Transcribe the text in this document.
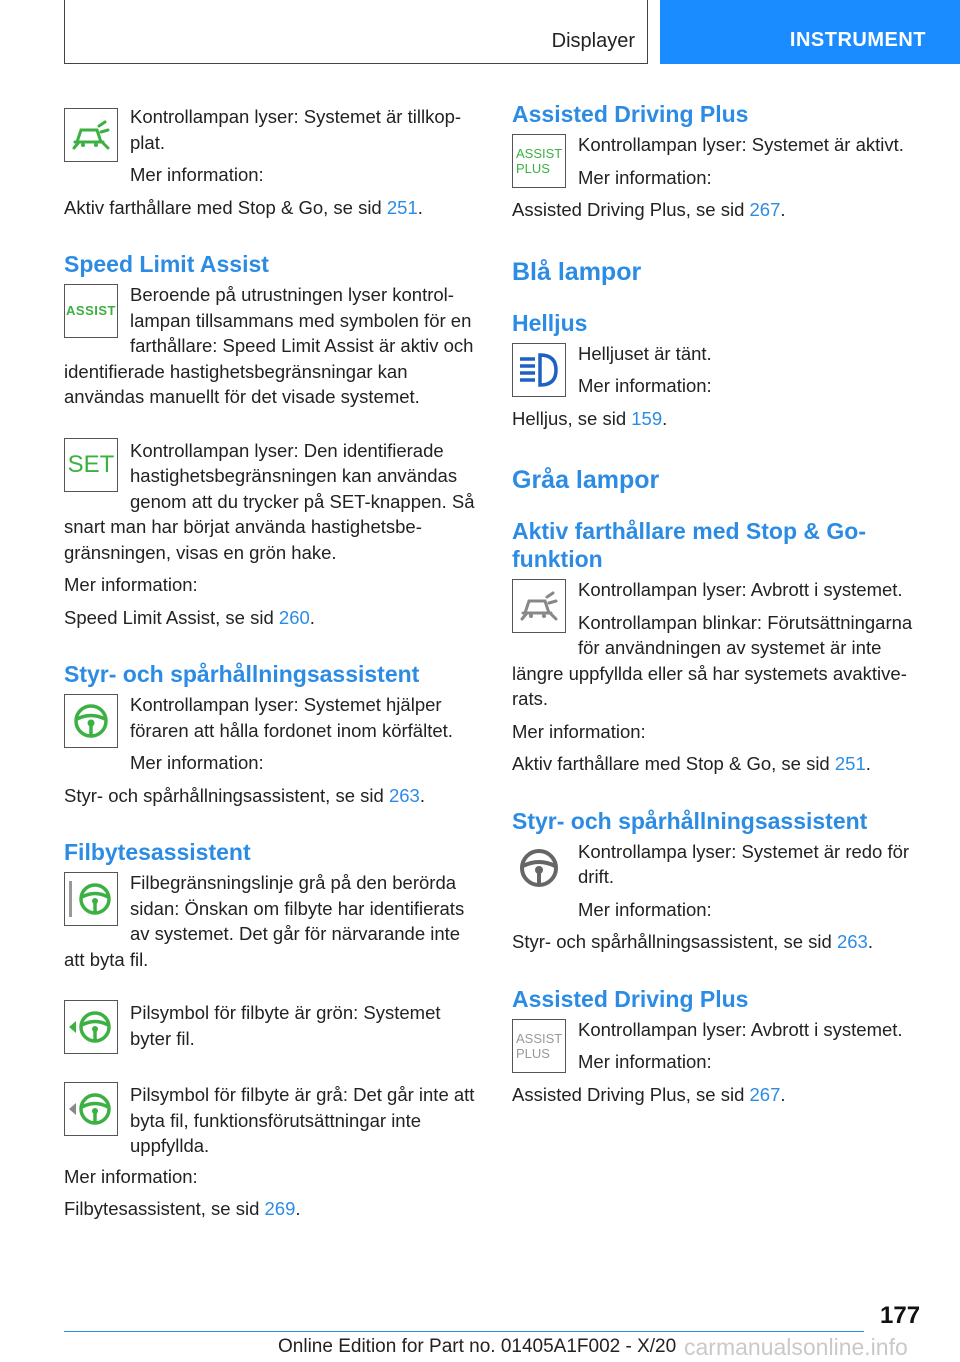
Displayer	INSTRUMENT

Kontrollampan lyser: Systemet är tillkop‐plat.

Mer information:

Aktiv farthållare med Stop & Go, se sid 251.

Speed Limit Assist
ASSIST

Beroende på utrustningen lyser kontrol‐lampan tillsammans med symbolen för en farthållare: Speed Limit Assist är aktiv och identifierade hastighetsbegränsningar kan användas manuellt för det visade systemet.

SET

Kontrollampan lyser: Den identifierade hastighetsbegränsningen kan användas genom att du trycker på SET-knappen. Så snart man har börjat använda hastighetsbe‐gränsningen, visas en grön hake.

Mer information:

Speed Limit Assist, se sid 260.

Styr- och spårhållningsassistent

Kontrollampan lyser: Systemet hjälper föraren att hålla fordonet inom körfältet.

Mer information:

Styr- och spårhållningsassistent, se sid 263.

Filbytesassistent

Filbegränsningslinje grå på den berörda sidan: Önskan om filbyte har identifierats av systemet. Det går för närvarande inte att byta fil.

Pilsymbol för filbyte är grön: Systemet byter fil.

Pilsymbol för filbyte är grå: Det går inte att byta fil, funktionsförutsättningar inte uppfyllda.

Mer information:

Filbytesassistent, se sid 269.

Assisted Driving Plus
ASSIST
PLUS

Kontrollampan lyser: Systemet är aktivt.

Mer information:

Assisted Driving Plus, se sid 267.

Blå lampor
Helljus

Helljuset är tänt.

Mer information:

Helljus, se sid 159.

Gråa lampor
Aktiv farthållare med Stop & Go-funktion

Kontrollampan lyser: Avbrott i systemet.

Kontrollampan blinkar: Förutsättningarna för användningen av systemet är inte längre uppfyllda eller så har systemets avaktive‐rats.

Mer information:

Aktiv farthållare med Stop & Go, se sid 251.

Styr- och spårhållningsassistent

Kontrollampa lyser: Systemet är redo för drift.

Mer information:

Styr- och spårhållningsassistent, se sid 263.

Assisted Driving Plus
ASSIST
PLUS

Kontrollampan lyser: Avbrott i systemet.

Mer information:

Assisted Driving Plus, se sid 267.

177
Online Edition for Part no. 01405A1F002 - X/20 carmanualsonline.info
